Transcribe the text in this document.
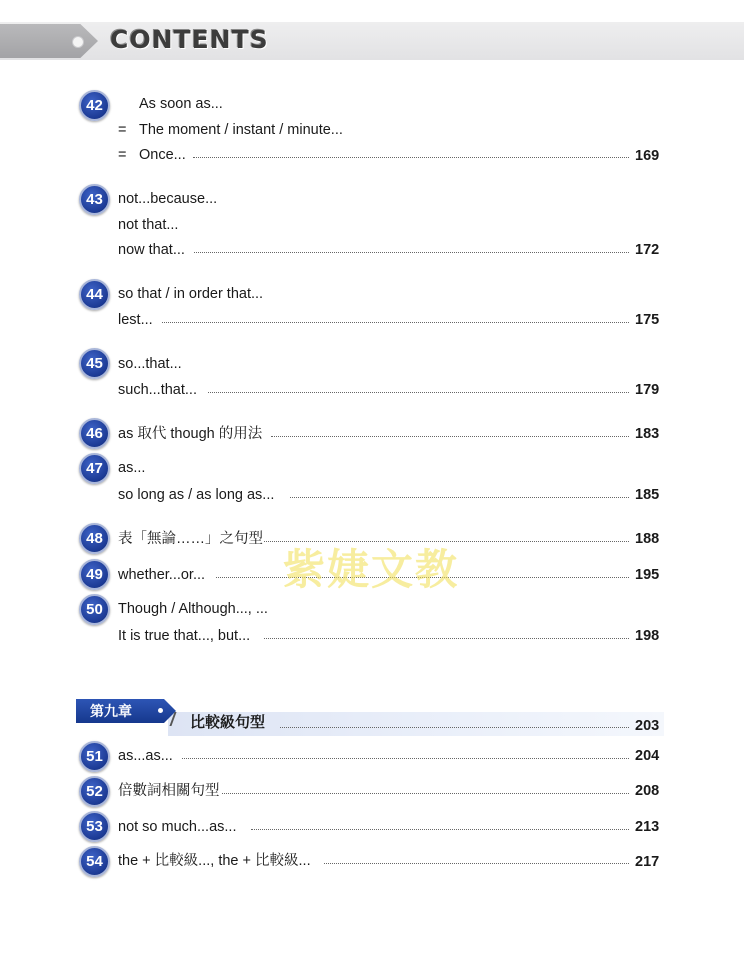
CONTENTS
42	As soon as...
= The moment / instant / minute...
= Once...	169
43	not...because...
not that...
now that...	172
44	so that / in order that...
lest...	175
45	so...that...
such...that...	179
46	as 取代 though 的用法	183
47	as...
so long as / as long as...	185
48	表「無論……」之句型	188
49	whether...or...	195
50	Though / Although..., ...
It is true that..., but...	198
紫婕文教
第九章
比較級句型	203
51	as...as...	204
52	倍數詞相關句型	208
53	not so much...as...	213
54	the + 比較級..., the + 比較級...	217
